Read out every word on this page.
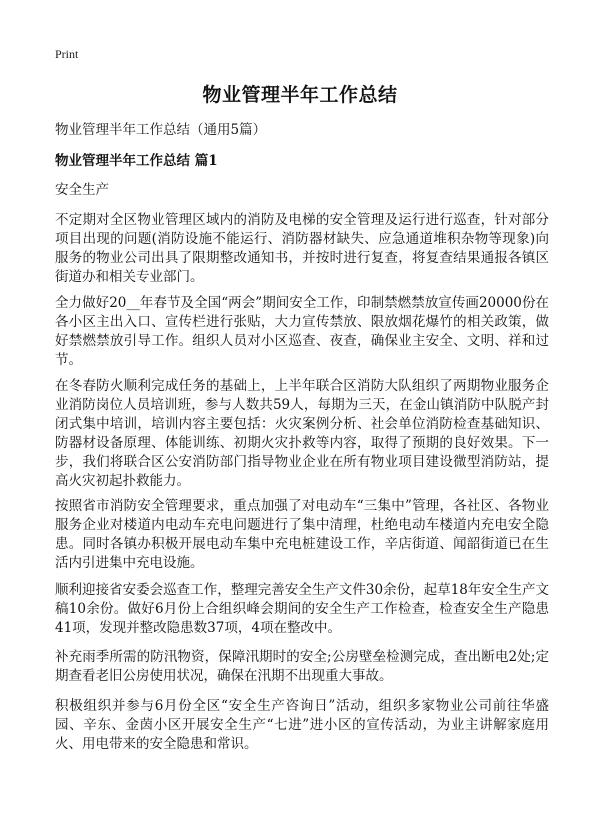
Print
物业管理半年工作总结
物业管理半年工作总结（通用5篇）
物业管理半年工作总结 篇1

安全生产

不定期对全区物业管理区域内的消防及电梯的安全管理及运行进行巡查，针对部分项目出现的问题(消防设施不能运行、消防器材缺失、应急通道堆积杂物等现象)向服务的物业公司出具了限期整改通知书，并按时进行复查，将复查结果通报各镇区街道办和相关专业部门。

全力做好20__年春节及全国“两会”期间安全工作，印制禁燃禁放宣传画20000份在各小区主出入口、宣传栏进行张贴，大力宣传禁放、限放烟花爆竹的相关政策，做好禁燃禁放引导工作。组织人员对小区巡查、夜查，确保业主安全、文明、祥和过节。

在冬春防火顺利完成任务的基础上，上半年联合区消防大队组织了两期物业服务企业消防岗位人员培训班，参与人数共59人，每期为三天，在金山镇消防中队脱产封闭式集中培训，培训内容主要包括：火灾案例分析、社会单位消防检查基础知识、防器材设备原理、体能训练、初期火灾扑救等内容，取得了预期的良好效果。下一步，我们将联合区公安消防部门指导物业企业在所有物业项目建设微型消防站，提高火灾初起扑救能力。

按照省市消防安全管理要求，重点加强了对电动车“三集中”管理，各社区、各物业服务企业对楼道内电动车充电问题进行了集中清理，杜绝电动车楼道内充电安全隐患。同时各镇办积极开展电动车集中充电桩建设工作，辛店街道、闻韶街道已在生活内引进集中充电设施。

顺利迎接省安委会巡查工作，整理完善安全生产文件30余份，起草18年安全生产文稿10余份。做好6月份上合组织峰会期间的安全生产工作检查，检查安全生产隐患41项，发现并整改隐患数37项，4项在整改中。

补充雨季所需的防汛物资，保障汛期时的安全;公房壁垒检测完成，查出断电2处;定期查看老旧公房使用状况，确保在汛期不出现重大事故。

积极组织并参与6月份全区“安全生产咨询日”活动，组织多家物业公司前往华盛园、辛东、金茵小区开展安全生产“七进”进小区的宣传活动，为业主讲解家庭用火、用电带来的安全隐患和常识。
